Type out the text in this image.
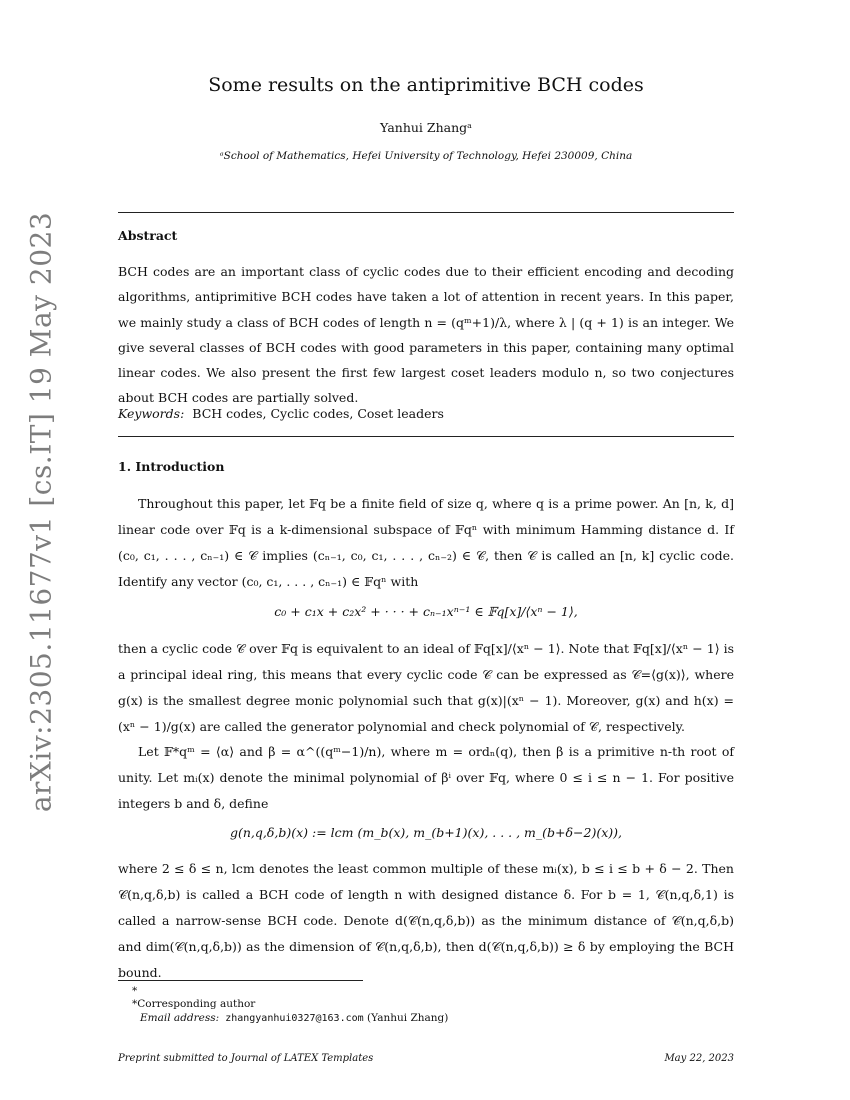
arXiv:2305.11677v1 [cs.IT] 19 May 2023
Some results on the antiprimitive BCH codes
Yanhui Zhangᵃ
ᵃSchool of Mathematics, Hefei University of Technology, Hefei 230009, China
Abstract

BCH codes are an important class of cyclic codes due to their efficient encoding and decoding algorithms, antiprimitive BCH codes have taken a lot of attention in recent years. In this paper, we mainly study a class of BCH codes of length n = (qᵐ+1)/λ, where λ | (q + 1) is an integer. We give several classes of BCH codes with good parameters in this paper, containing many optimal linear codes. We also present the first few largest coset leaders modulo n, so two conjectures about BCH codes are partially solved.

Keywords: BCH codes, Cyclic codes, Coset leaders
1. Introduction

Throughout this paper, let 𝔽q be a finite field of size q, where q is a prime power. An [n, k, d] linear code over 𝔽q is a k-dimensional subspace of 𝔽qⁿ with minimum Hamming distance d. If (c₀, c₁, . . . , cₙ₋₁) ∈ 𝒞 implies (cₙ₋₁, c₀, c₁, . . . , cₙ₋₂) ∈ 𝒞, then 𝒞 is called an [n, k] cyclic code. Identify any vector (c₀, c₁, . . . , cₙ₋₁) ∈ 𝔽qⁿ with

c₀ + c₁x + c₂x² + · · · + cₙ₋₁xⁿ⁻¹ ∈ 𝔽q[x]/⟨xⁿ − 1⟩,

then a cyclic code 𝒞 over 𝔽q is equivalent to an ideal of 𝔽q[x]/⟨xⁿ − 1⟩. Note that 𝔽q[x]/⟨xⁿ − 1⟩ is a principal ideal ring, this means that every cyclic code 𝒞 can be expressed as 𝒞=⟨g(x)⟩, where g(x) is the smallest degree monic polynomial such that g(x)|(xⁿ − 1). Moreover, g(x) and h(x) = (xⁿ − 1)/g(x) are called the generator polynomial and check polynomial of 𝒞, respectively.

Let 𝔽*qᵐ = ⟨α⟩ and β = α^((qᵐ−1)/n), where m = ordₙ(q), then β is a primitive n-th root of unity. Let mᵢ(x) denote the minimal polynomial of βⁱ over 𝔽q, where 0 ≤ i ≤ n − 1. For positive integers b and δ, define

g(n,q,δ,b)(x) := lcm (m_b(x), m_(b+1)(x), . . . , m_(b+δ−2)(x)),

where 2 ≤ δ ≤ n, lcm denotes the least common multiple of these mᵢ(x), b ≤ i ≤ b + δ − 2. Then 𝒞(n,q,δ,b) is called a BCH code of length n with designed distance δ. For b = 1, 𝒞(n,q,δ,1) is called a narrow-sense BCH code. Denote d(𝒞(n,q,δ,b)) as the minimum distance of 𝒞(n,q,δ,b) and dim(𝒞(n,q,δ,b)) as the dimension of 𝒞(n,q,δ,b), then d(𝒞(n,q,δ,b)) ≥ δ by employing the BCH bound.

*
*Corresponding author
Email address: zhangyanhui0327@163.com (Yanhui Zhang)
Preprint submitted to Journal of LATEX Templates	May 22, 2023
